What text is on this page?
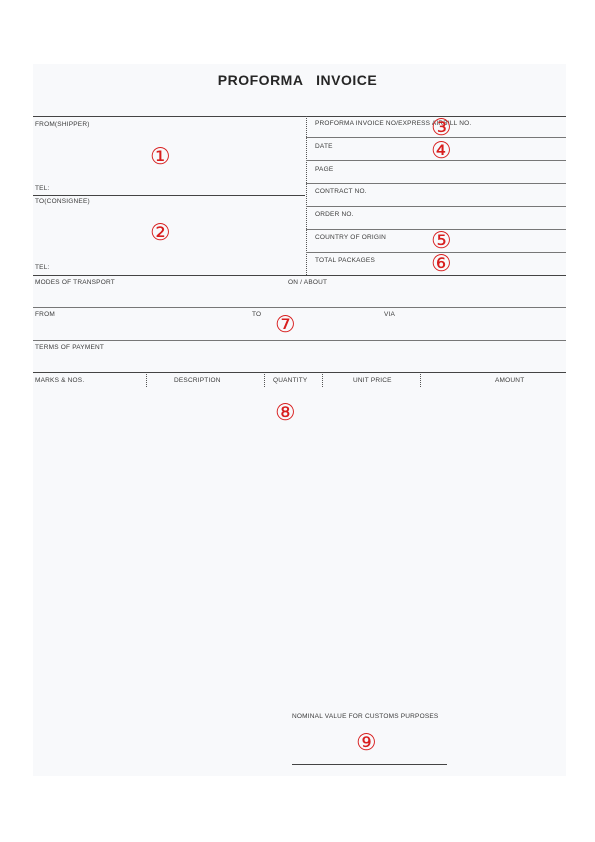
PROFORMA   INVOICE
FROM(SHIPPER)
①
TEL:
TO(CONSIGNEE)
②
TEL:
PROFORMA INVOICE NO/EXPRESS AIRBILL NO.
③
DATE	④
PAGE
CONTRACT NO.
ORDER NO.
COUNTRY OF ORIGIN ⑤
TOTAL PACKAGES ⑥
MODES OF TRANSPORT	ON / ABOUT
FROM	TO	VIA
⑦
TERMS OF PAYMENT
MARKS & NOS.	DESCRIPTION	QUANTITY	UNIT PRICE	AMOUNT
⑧
NOMINAL VALUE FOR CUSTOMS PURPOSES
⑨
